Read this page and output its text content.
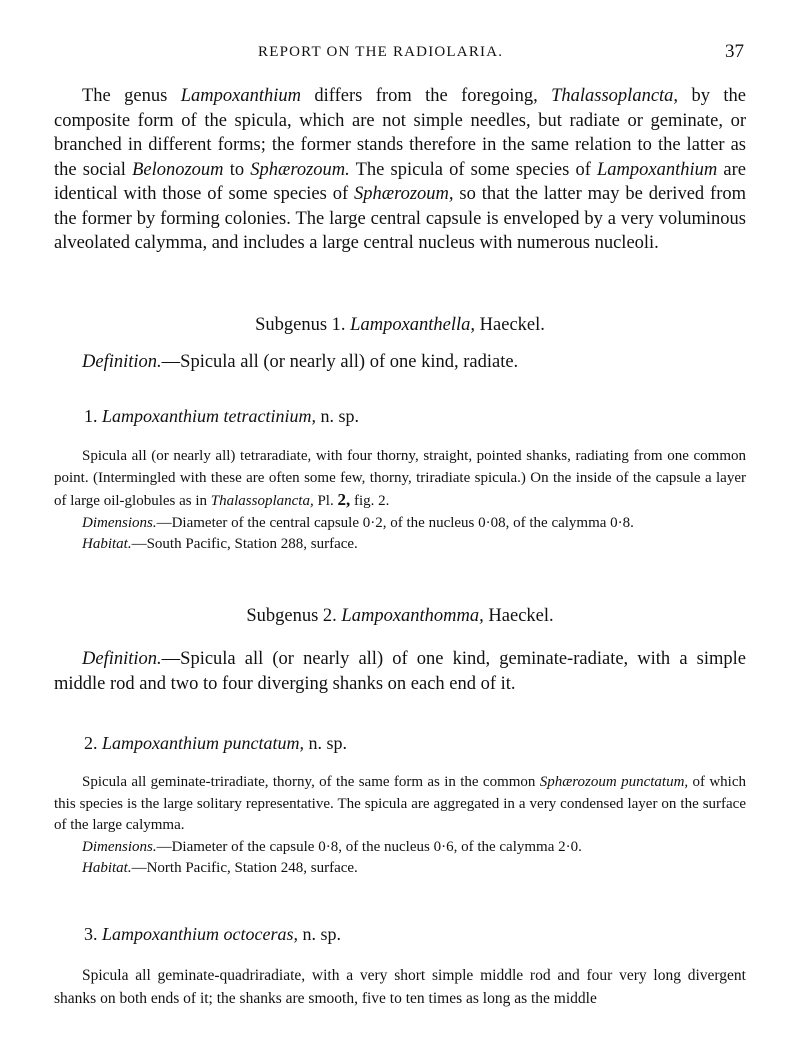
REPORT ON THE RADIOLARIA.	37

The genus Lampoxanthium differs from the foregoing, Thalassoplancta, by the composite form of the spicula, which are not simple needles, but radiate or geminate, or branched in different forms; the former stands therefore in the same relation to the latter as the social Belonozoum to Sphærozoum. The spicula of some species of Lampoxanthium are identical with those of some species of Sphærozoum, so that the latter may be derived from the former by forming colonies. The large central capsule is enveloped by a very voluminous alveolated calymma, and includes a large central nucleus with numerous nucleoli.

Subgenus 1. Lampoxanthella, Haeckel.

Definition.—Spicula all (or nearly all) of one kind, radiate.

1. Lampoxanthium tetractinium, n. sp.

Spicula all (or nearly all) tetraradiate, with four thorny, straight, pointed shanks, radiating from one common point. (Intermingled with these are often some few, thorny, triradiate spicula.) On the inside of the capsule a layer of large oil-globules as in Thalassoplancta, Pl. 2, fig. 2.

Dimensions.—Diameter of the central capsule 0·2, of the nucleus 0·08, of the calymma 0·8.

Habitat.—South Pacific, Station 288, surface.

Subgenus 2. Lampoxanthomma, Haeckel.

Definition.—Spicula all (or nearly all) of one kind, geminate-radiate, with a simple middle rod and two to four diverging shanks on each end of it.

2. Lampoxanthium punctatum, n. sp.

Spicula all geminate-triradiate, thorny, of the same form as in the common Sphærozoum punctatum, of which this species is the large solitary representative. The spicula are aggregated in a very condensed layer on the surface of the large calymma.

Dimensions.—Diameter of the capsule 0·8, of the nucleus 0·6, of the calymma 2·0.

Habitat.—North Pacific, Station 248, surface.

3. Lampoxanthium octoceras, n. sp.

Spicula all geminate-quadriradiate, with a very short simple middle rod and four very long divergent shanks on both ends of it; the shanks are smooth, five to ten times as long as the middle
